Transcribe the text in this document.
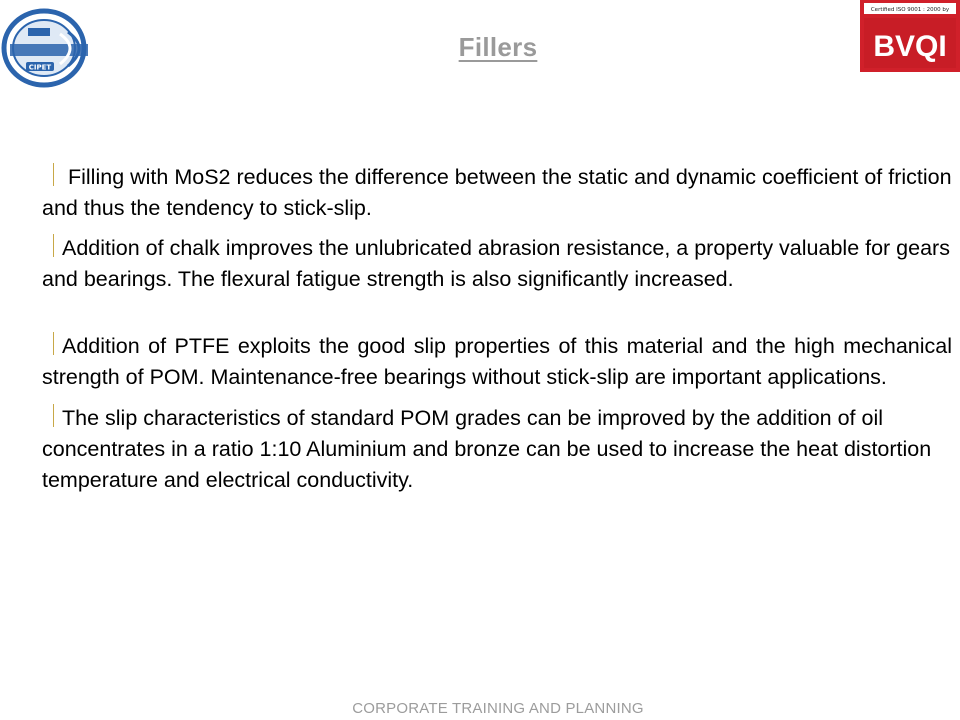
CIPET
Certified ISO 9001 : 2000 by
BVQI
Fillers

Filling with MoS2 reduces the difference between the static and dynamic coefficient of friction and thus the tendency to stick-slip.

Addition of chalk improves the unlubricated abrasion resistance, a property valuable for gears and bearings. The flexural fatigue strength is also significantly increased.

Addition of PTFE exploits the good slip properties of this material and the high mechanical strength of POM. Maintenance-free bearings without stick-slip are important applications.

The slip characteristics of standard POM grades can be improved by the addition of oil concentrates in a ratio 1:10 Aluminium and bronze can be used to increase the heat distortion temperature and electrical conductivity.

CORPORATE TRAINING AND PLANNING
